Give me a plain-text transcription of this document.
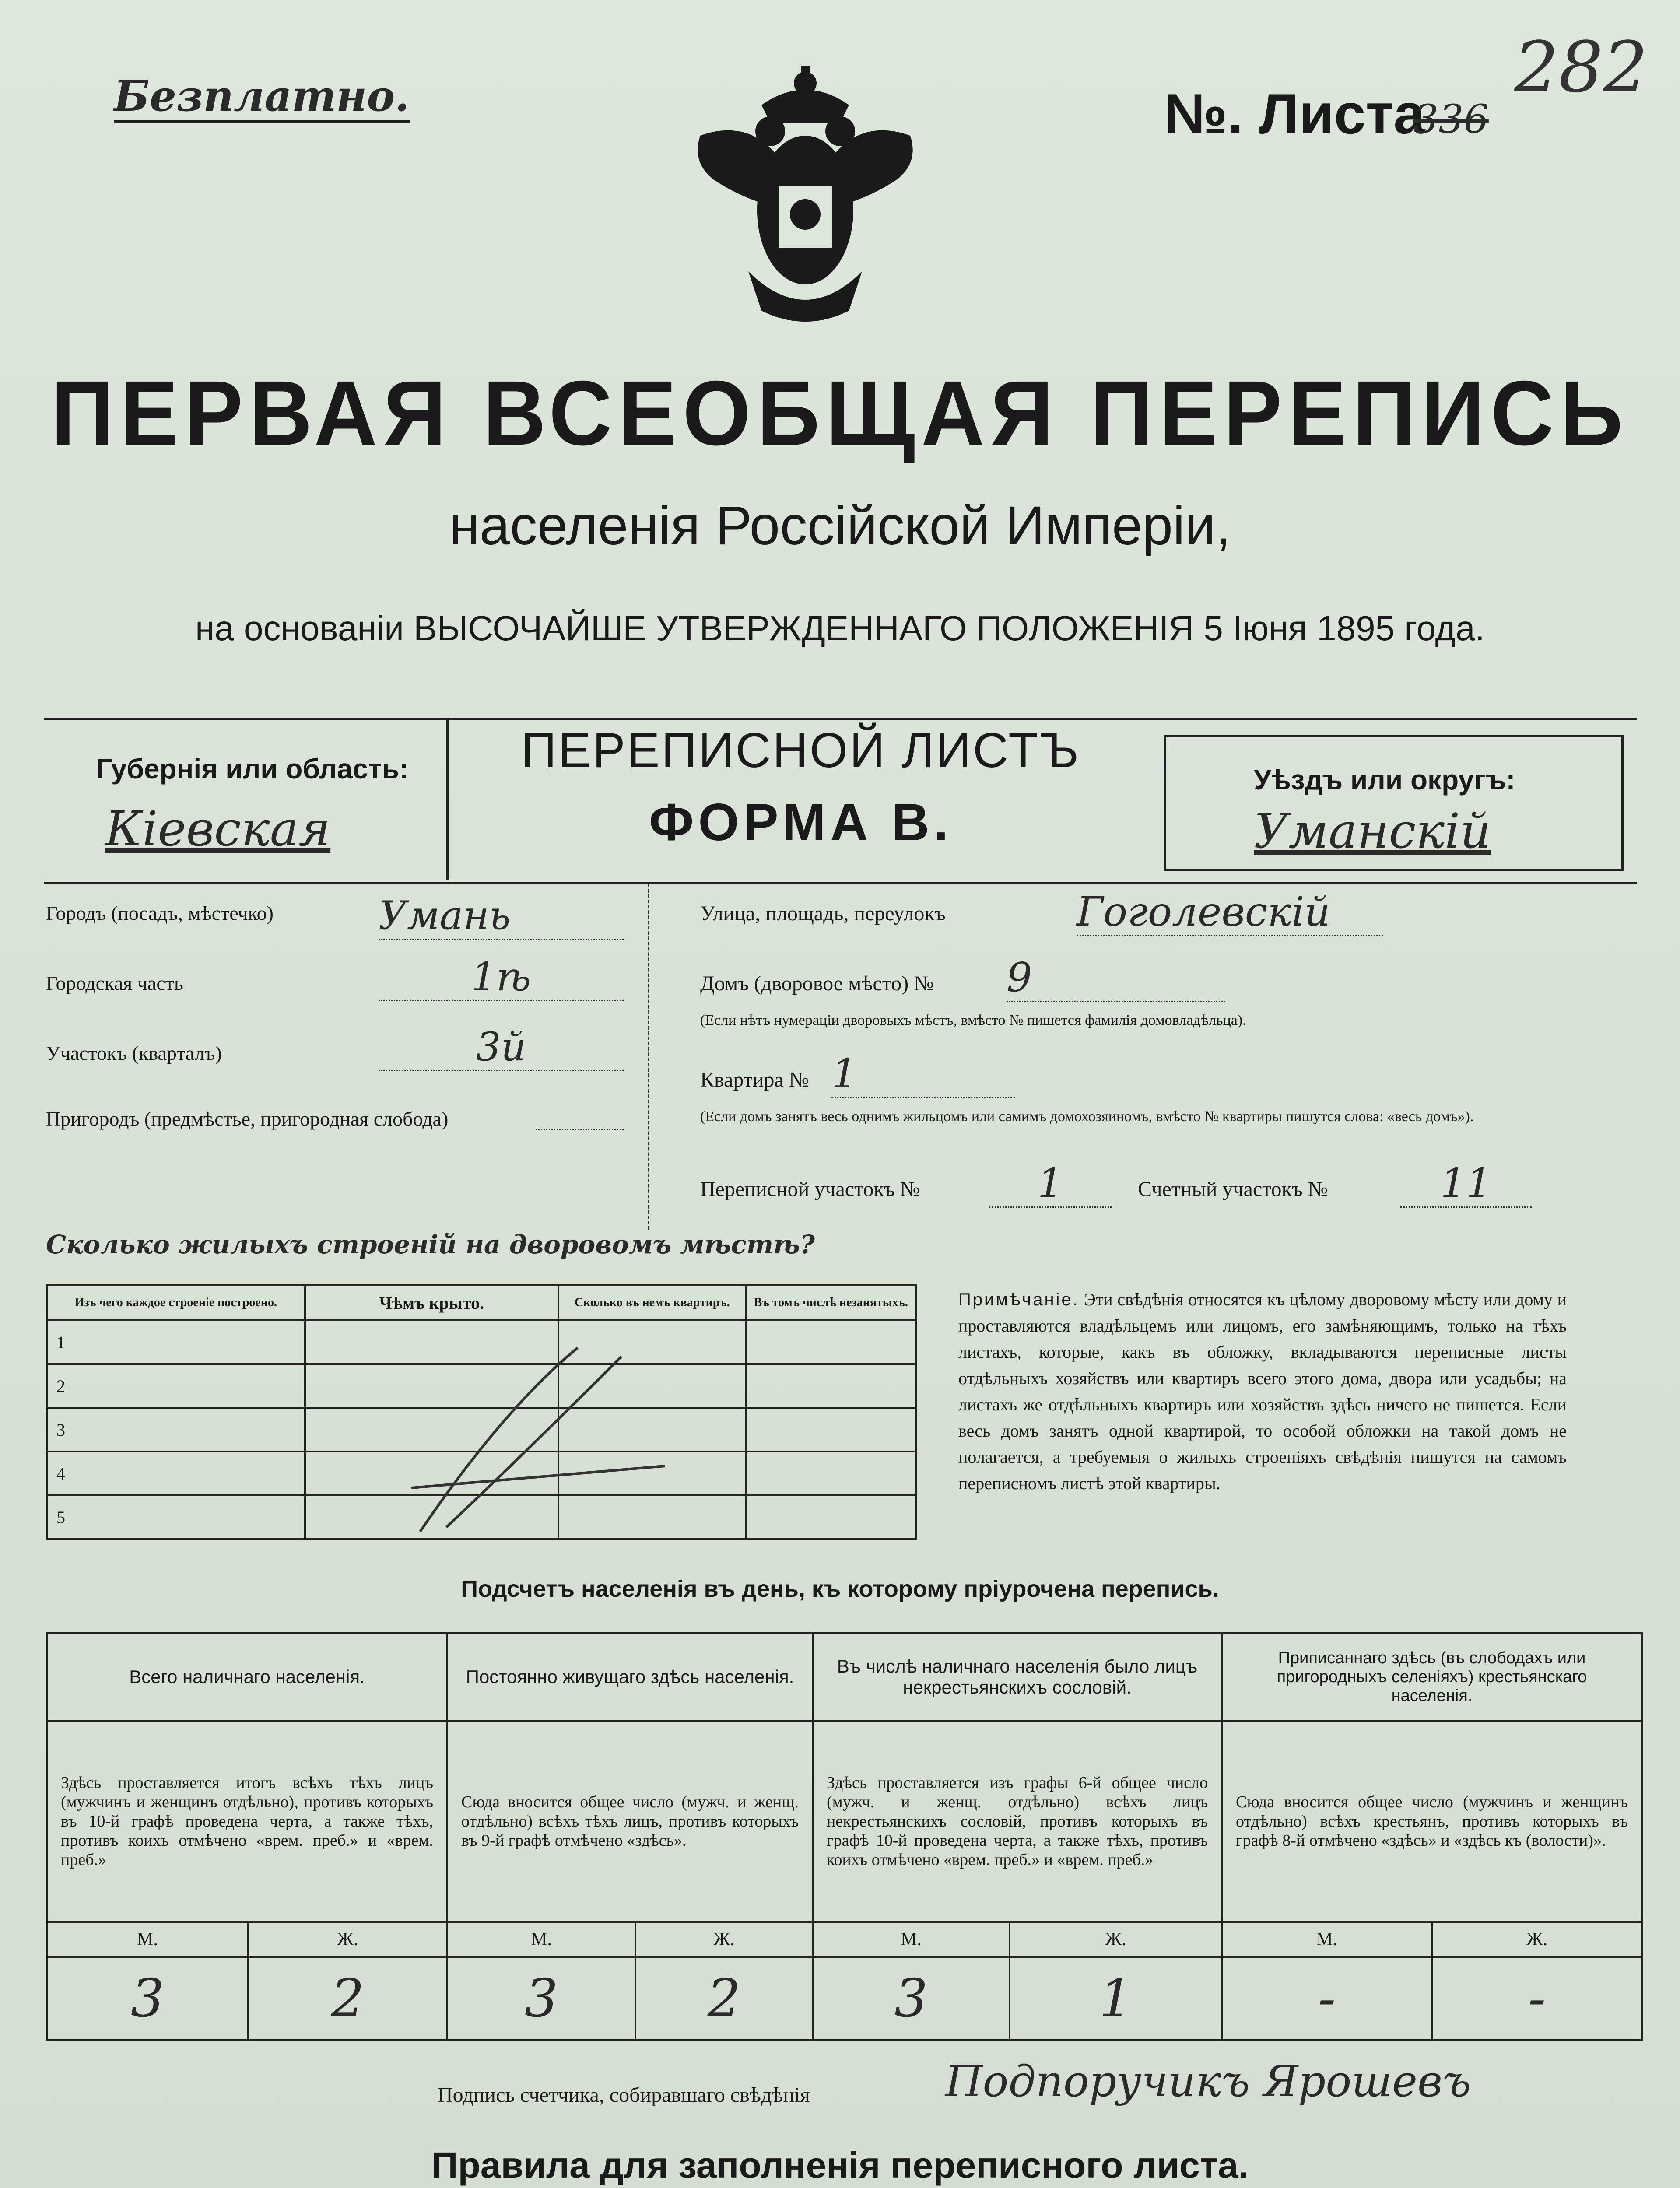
Безплатно.	№. Листа
336
282
ПЕРВАЯ ВСЕОБЩАЯ ПЕРЕПИСЬ
населенія Россійской Имперіи,
на основаніи ВЫСОЧАЙШЕ УТВЕРЖДЕННАГО ПОЛОЖЕНІЯ 5 Іюня 1895 года.
Губернія или область:
Кіевская
ПЕРЕПИСНОЙ ЛИСТЪ
ФОРМА В.
Уѣздъ или округъ:
Уманскій
Городъ (посадъ, мѣстечко)	Умань
Городская часть	1ѣ
Участокъ (кварталъ)	3й
Пригородъ (предмѣстье, пригородная слобода)
Улица, площадь, переулокъ	Гоголевскій
Домъ (дворовое мѣсто) № 9
(Если нѣтъ нумераціи дворовыхъ мѣстъ, вмѣсто № пишется фамилія домовладѣльца).
Квартира № 1
(Если домъ занятъ весь однимъ жильцомъ или самимъ домохозяиномъ, вмѣсто № квартиры пишутся слова: «весь домъ»).
Переписной участокъ №	1	Счетный участокъ №	11
Сколько жилыхъ строеній на дворовомъ мѣстѣ?
Изъ чего каждое строеніе построено.	Чѣмъ крыто.	Сколько въ немъ квартиръ.	Въ томъ числѣ незанятыхъ.
1			
2			
3			
4			
5			
Примѣчаніе. Эти свѣдѣнія относятся къ цѣлому дворовому мѣсту или дому и проставляются владѣльцемъ или лицомъ, его замѣняющимъ, только на тѣхъ листахъ, которые, какъ въ обложку, вкладываются переписные листы отдѣльныхъ хозяйствъ или квартиръ всего этого дома, двора или усадьбы; на листахъ же отдѣльныхъ квартиръ или хозяйствъ здѣсь ничего не пишется. Если весь домъ занятъ одной квартирой, то особой обложки на такой домъ не полагается, а требуемыя о жилыхъ строеніяхъ свѣдѣнія пишутся на самомъ переписномъ листѣ этой квартиры.
Подсчетъ населенія въ день, къ которому пріурочена перепись.
Всего наличнаго населенія.		Постоянно живущаго здѣсь населенія.		Въ числѣ наличнаго населенія было лицъ некрестьянскихъ сословій.		Приписаннаго здѣсь (въ слободахъ или пригородныхъ селеніяхъ) крестьянскаго населенія.	
Здѣсь проставляется итогъ всѣхъ тѣхъ лицъ (мужчинъ и женщинъ отдѣльно), противъ которыхъ въ 10-й графѣ проведена черта, а также тѣхъ, противъ коихъ отмѣчено «врем. преб.» и «врем. преб.»		Сюда вносится общее число (мужч. и женщ. отдѣльно) всѣхъ тѣхъ лицъ, противъ которыхъ въ 9-й графѣ отмѣчено «здѣсь».		Здѣсь проставляется изъ графы 6-й общее число (мужч. и женщ. отдѣльно) всѣхъ лицъ некрестьянскихъ сословій, противъ которыхъ въ графѣ 10-й проведена черта, а также тѣхъ, противъ коихъ отмѣчено «врем. преб.» и «врем. преб.»		Сюда вносится общее число (мужчинъ и женщинъ отдѣльно) всѣхъ крестьянъ, противъ которыхъ въ графѣ 8-й отмѣчено «здѣсь» и «здѣсь къ (волости)».	
М.	Ж.	М.	Ж.	М.	Ж.	М.	Ж.
3	2	3	2	3	1	-	-
Подпись счетчика, собиравшаго свѣдѣнія	Подпоручикъ Ярошевъ
Правила для заполненія переписного листа.
